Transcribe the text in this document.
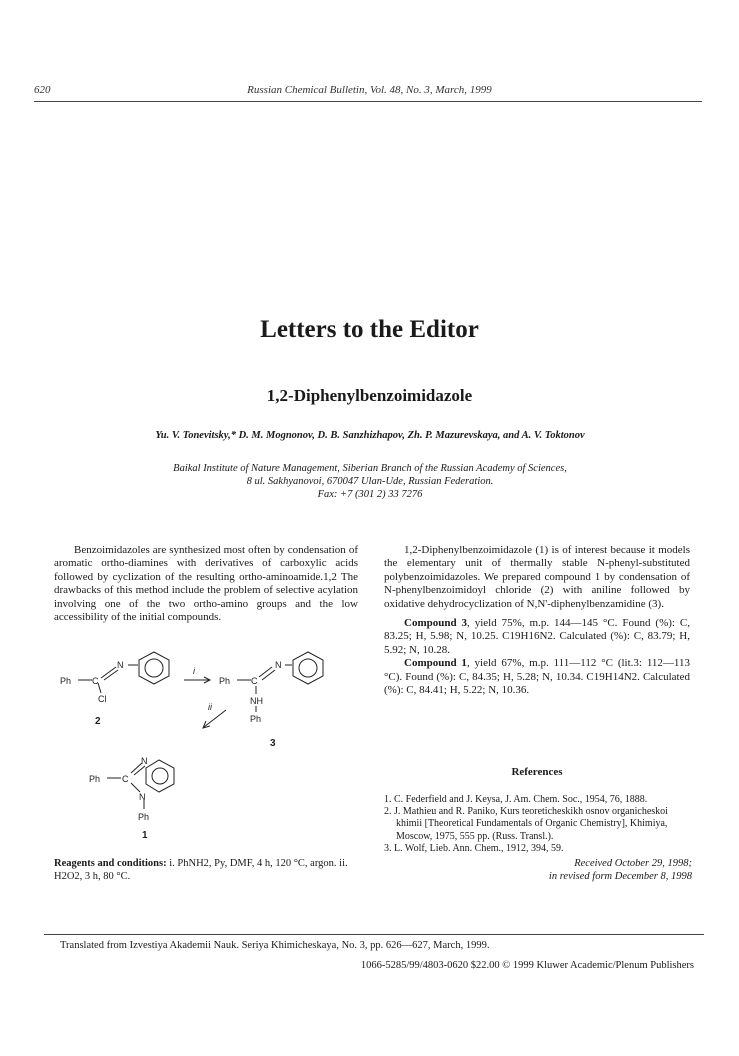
620	Russian Chemical Bulletin, Vol. 48, No. 3, March, 1999
Letters to the Editor
1,2-Diphenylbenzoimidazole
Yu. V. Tonevitsky,* D. M. Mognonov, D. B. Sanzhizhapov, Zh. P. Mazurevskaya, and A. V. Toktonov
Baikal Institute of Nature Management, Siberian Branch of the Russian Academy of Sciences,
8 ul. Sakhyanovoi, 670047 Ulan-Ude, Russian Federation.
Fax: +7 (301 2) 33 7276

Benzoimidazoles are synthesized most often by condensation of aromatic ortho-diamines with derivatives of carboxylic acids followed by cyclization of the resulting ortho-aminoamide.1,2 The drawbacks of this method include the problem of selective acylation involving one of the two ortho-amino groups and the low accessibility of the initial compounds.

Ph C
N
Cl
2
i
Ph C
N
NH
Ph
3
ii
Ph C
N
N
Ph
1
Reagents and conditions: i. PhNH2, Py, DMF, 4 h, 120 °C, argon. ii. H2O2, 3 h, 80 °C.

1,2-Diphenylbenzoimidazole (1) is of interest because it models the elementary unit of thermally stable N-phenyl-substituted polybenzoimidazoles. We prepared compound 1 by condensation of N-phenylbenzoimidoyl chloride (2) with aniline followed by oxidative dehydrocyclization of N,N'-diphenylbenzamidine (3).

Compound 3, yield 75%, m.p. 144—145 °C. Found (%): C, 83.25; H, 5.98; N, 10.25. C19H16N2. Calculated (%): C, 83.79; H, 5.92; N, 10.28.

Compound 1, yield 67%, m.p. 111—112 °C (lit.3: 112—113 °C). Found (%): C, 84.35; H, 5.28; N, 10.34. C19H14N2. Calculated (%): C, 84.41; H, 5.22; N, 10.36.

References
1. C. Federfield and J. Keysa, J. Am. Chem. Soc., 1954, 76, 1888.
2. J. Mathieu and R. Paniko, Kurs teoreticheskikh osnov organicheskoi khimii [Theoretical Fundamentals of Organic Chemistry], Khimiya, Moscow, 1975, 555 pp. (Russ. Transl.).
3. L. Wolf, Lieb. Ann. Chem., 1912, 394, 59.
Received October 29, 1998;
in revised form December 8, 1998
Translated from Izvestiya Akademii Nauk. Seriya Khimicheskaya, No. 3, pp. 626—627, March, 1999.
1066-5285/99/4803-0620 $22.00 © 1999 Kluwer Academic/Plenum Publishers
